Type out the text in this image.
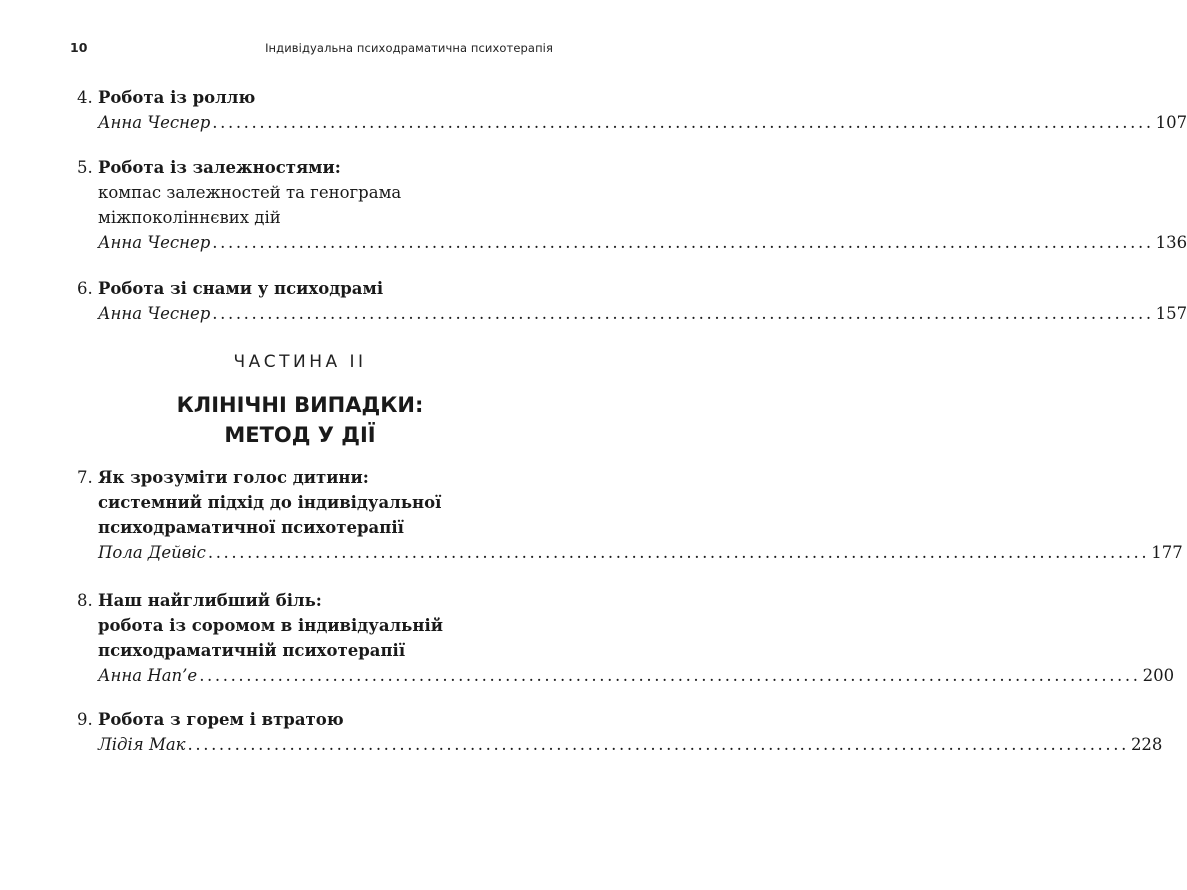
10	Індивідуальна психодраматична психотерапія
4. Робота із роллю
Анна Чеснер ........................................................................................................................ 107
5. Робота із залежностями:
компас залежностей та генограма
міжпоколіннєвих дій
Анна Чеснер ........................................................................................................................ 136
6. Робота зі снами у психодрамі
Анна Чеснер ........................................................................................................................ 157
ЧАСТИНА II
КЛІНІЧНІ ВИПАДКИ:
МЕТОД У ДІЇ
7. Як зрозуміти голос дитини:
системний підхід до індивідуальної
психодраматичної психотерапії
Пола Дейвіс ........................................................................................................................ 177
8. Наш найглибший біль:
робота із соромом в індивідуальній
психодраматичній психотерапії
Анна Нап’е ........................................................................................................................ 200
9. Робота з горем і втратою
Лідія Мак ........................................................................................................................ 228
